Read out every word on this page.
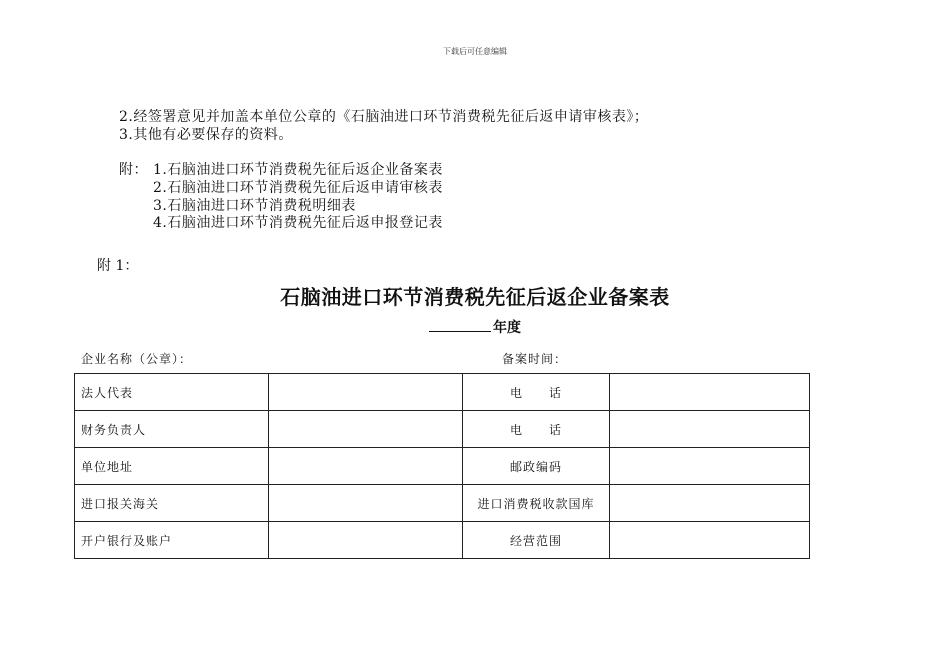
下载后可任意编辑
2.经签署意见并加盖本单位公章的《石脑油进口环节消费税先征后返申请审核表》；
3.其他有必要保存的资料。
附： 1.石脑油进口环节消费税先征后返企业备案表
2.石脑油进口环节消费税先征后返申请审核表
3.石脑油进口环节消费税明细表
4.石脑油进口环节消费税先征后返申报登记表
附 1：
石脑油进口环节消费税先征后返企业备案表
年度
企业名称（公章）：	备案时间：
法人代表		电　　话	
财务负责人		电　　话	
单位地址		邮政编码	
进口报关海关		进口消费税收款国库	
开户银行及账户		经营范围	
